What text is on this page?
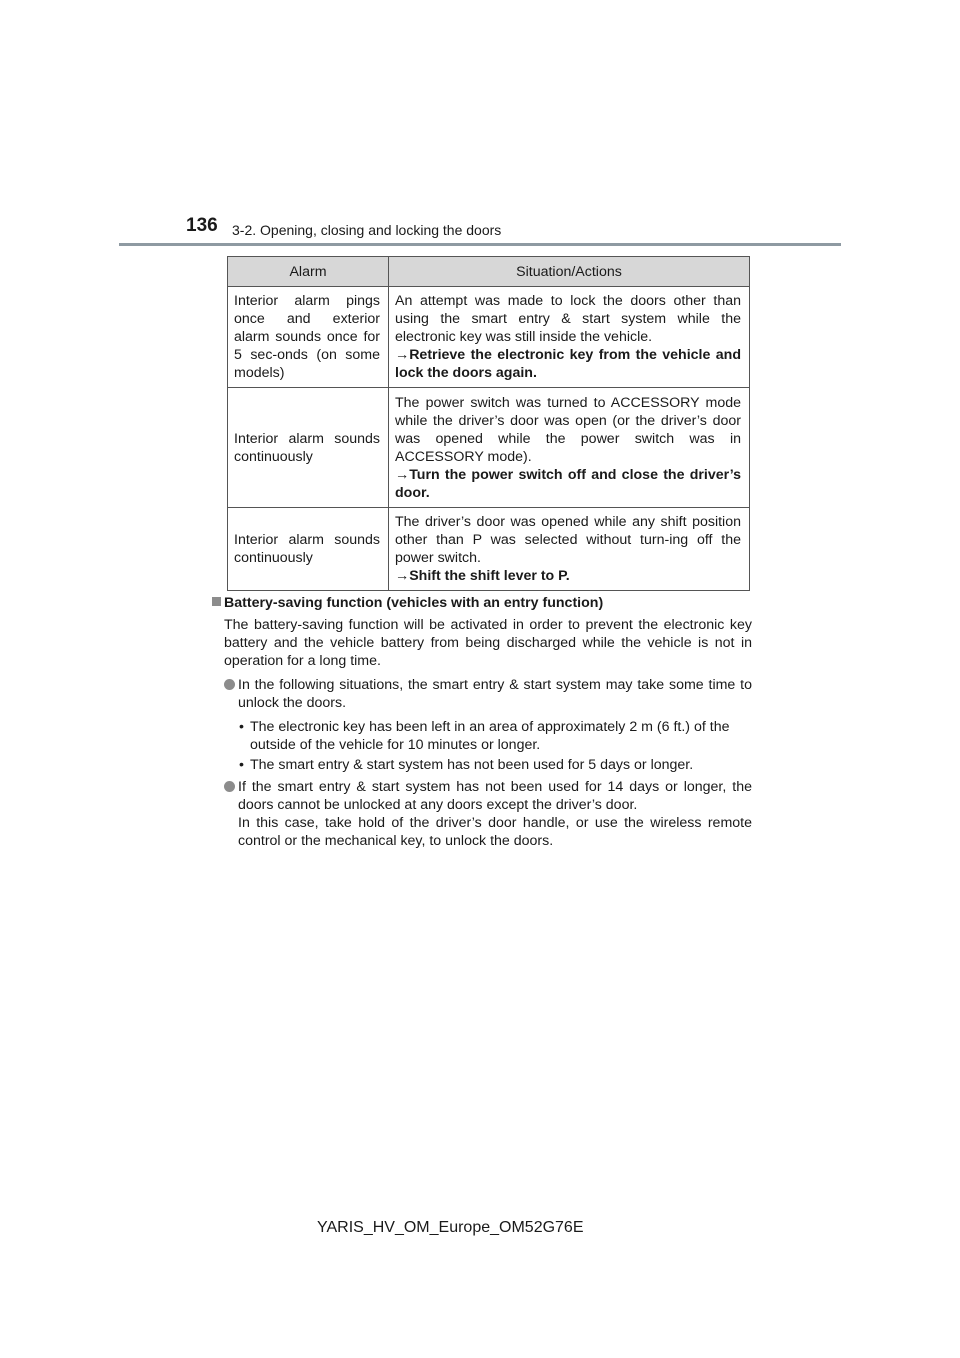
136 3-2. Opening, closing and locking the doors
Alarm	Situation/Actions
Interior alarm pings once and exterior alarm sounds once for 5 sec-onds (on some models)	An attempt was made to lock the doors other than using the smart entry & start system while the electronic key was still inside the vehicle.
→Retrieve the electronic key from the vehicle and lock the doors again.

Interior alarm sounds continuously	The power switch was turned to ACCESSORY mode while the driver’s door was open (or the driver’s door was opened while the power switch was in ACCESSORY mode).
→Turn the power switch off and close the driver’s door.

Interior alarm sounds continuously	The driver’s door was opened while any shift position other than P was selected without turn-ing off the power switch.
→Shift the shift lever to P.

Battery-saving function (vehicles with an entry function)

The battery-saving function will be activated in order to prevent the electronic key battery and the vehicle battery from being discharged while the vehicle is not in operation for a long time.

In the following situations, the smart entry & start system may take some time to unlock the doors.

• The electronic key has been left in an area of approximately 2 m (6 ft.) of the outside of the vehicle for 10 minutes or longer.

• The smart entry & start system has not been used for 5 days or longer.

If the smart entry & start system has not been used for 14 days or longer, the doors cannot be unlocked at any doors except the driver’s door.
In this case, take hold of the driver’s door handle, or use the wireless remote control or the mechanical key, to unlock the doors.

YARIS_HV_OM_Europe_OM52G76E
